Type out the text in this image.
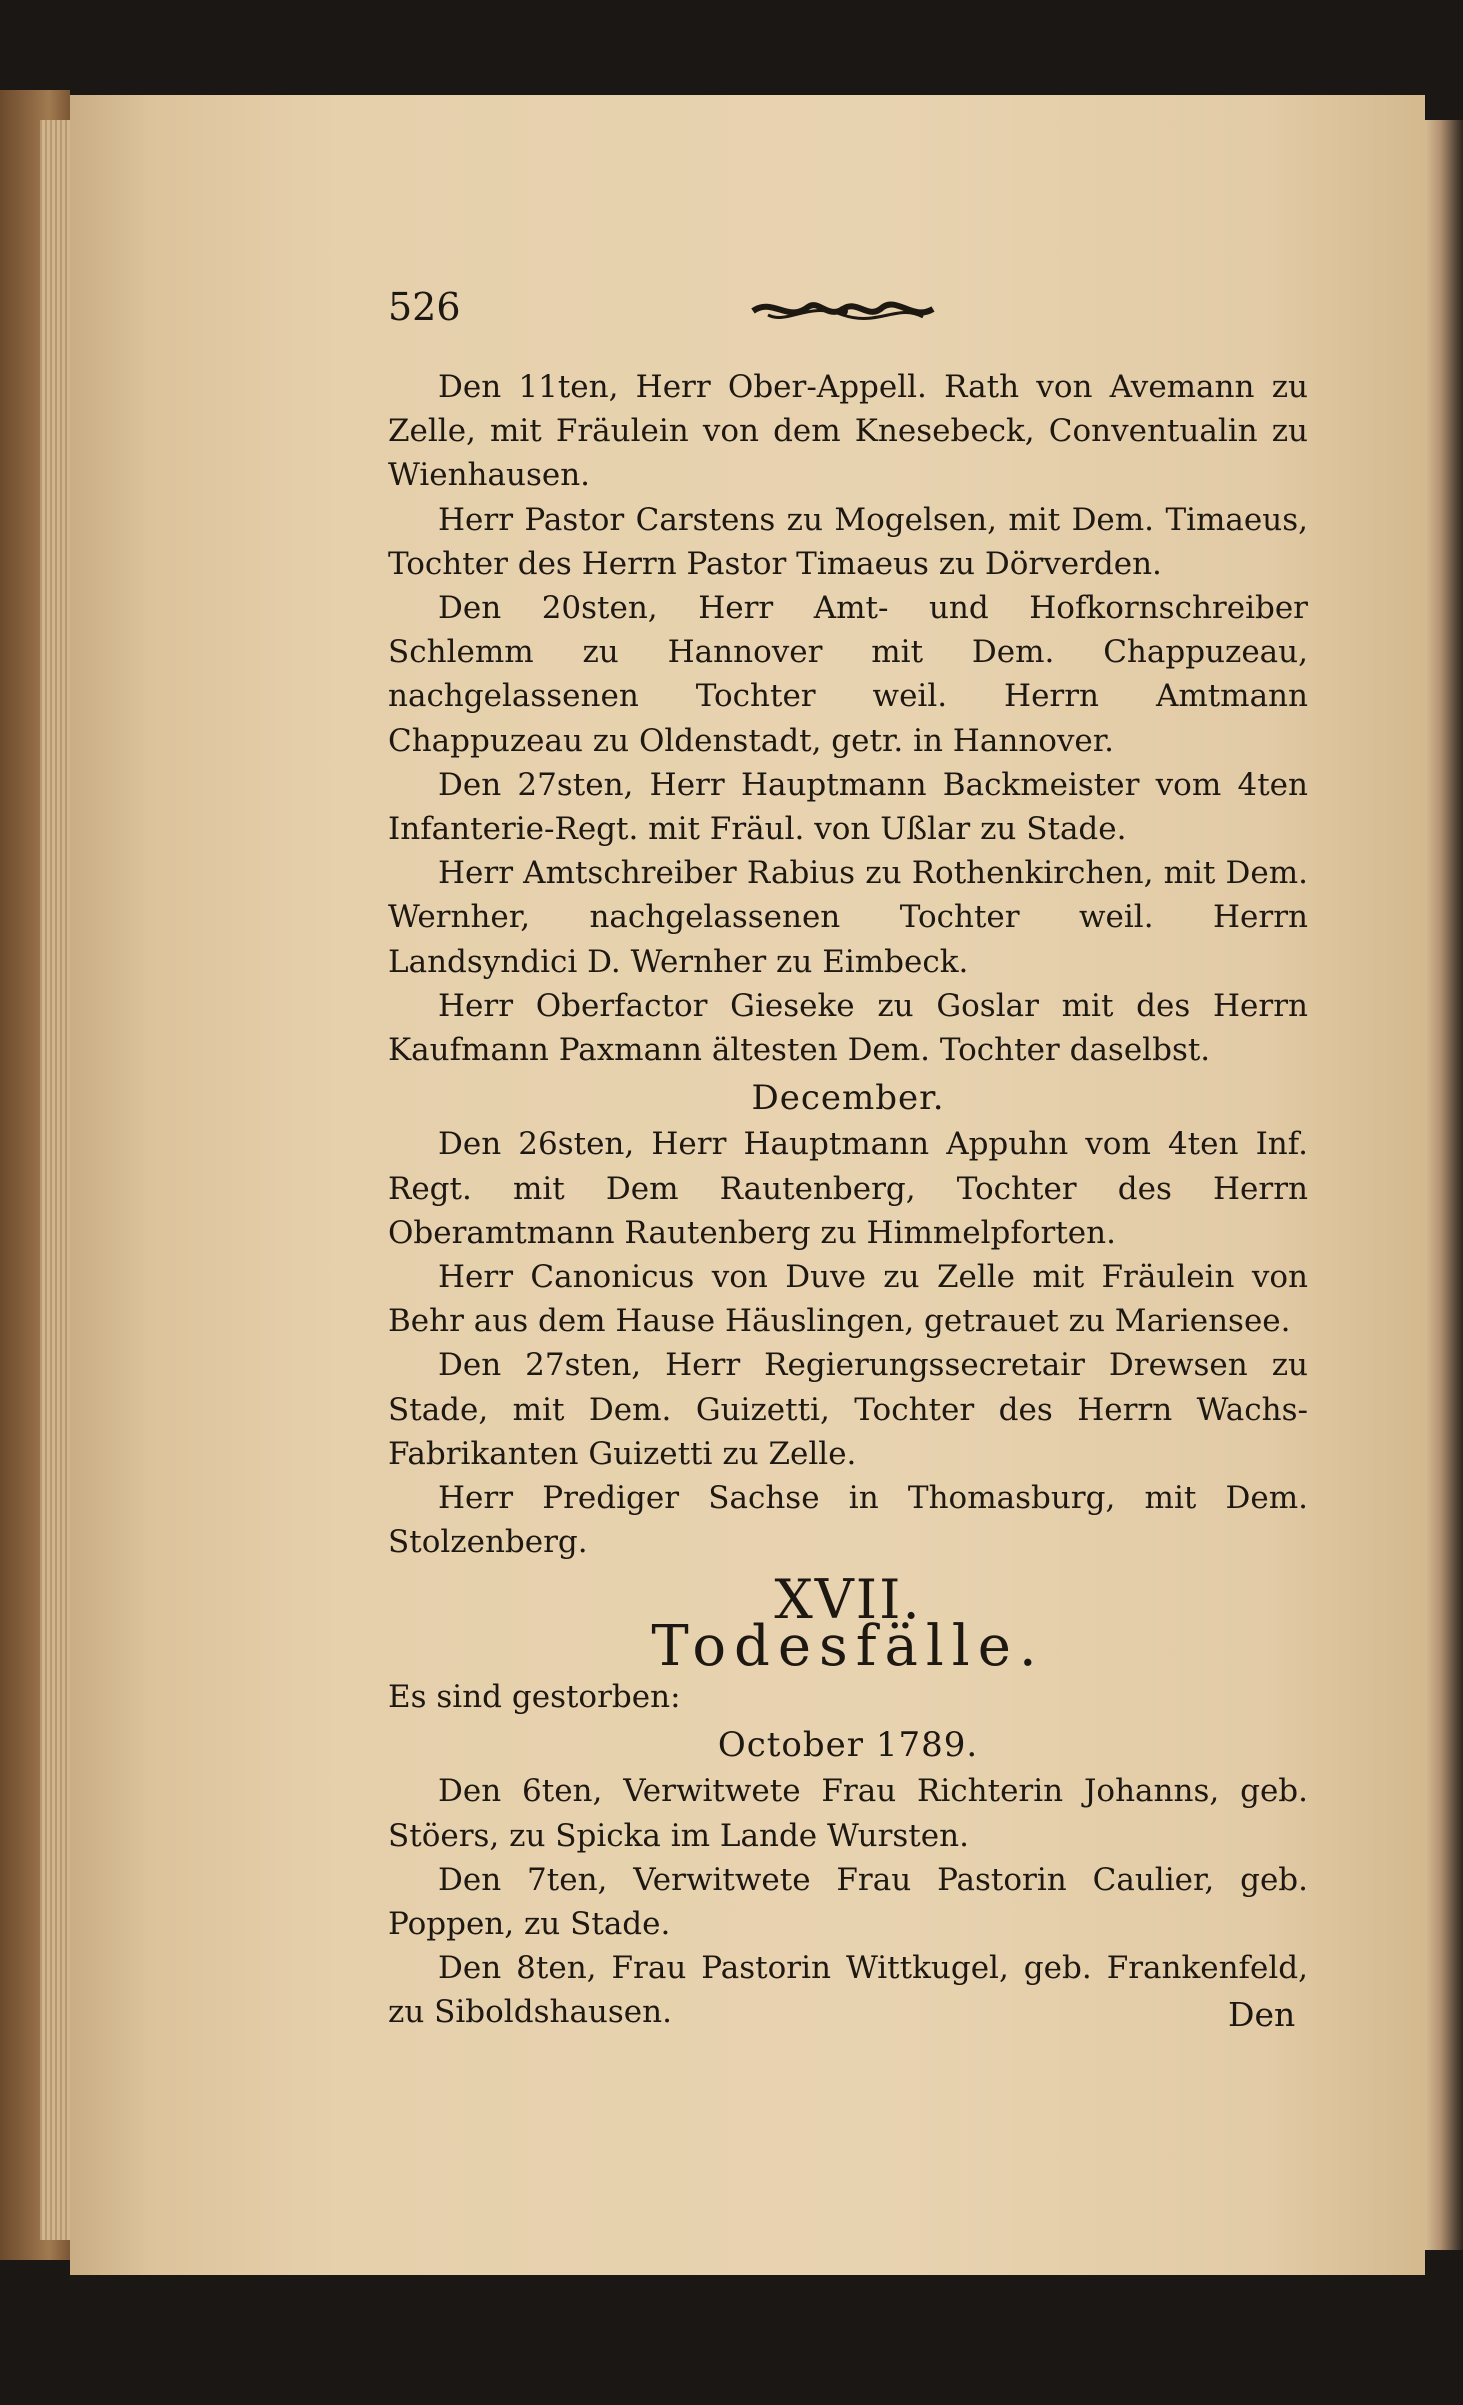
526

Den 11ten, Herr Ober-Appell. Rath von Avemann zu Zelle, mit Fräulein von dem Knesebeck, Conventualin zu Wienhausen.

Herr Pastor Carstens zu Mogelsen, mit Dem. Timaeus, Tochter des Herrn Pastor Timaeus zu Dörverden.

Den 20sten, Herr Amt- und Hofkornschreiber Schlemm zu Hannover mit Dem. Chappuzeau, nachgelassenen Tochter weil. Herrn Amtmann Chappuzeau zu Oldenstadt, getr. in Hannover.

Den 27sten, Herr Hauptmann Backmeister vom 4ten Infanterie-Regt. mit Fräul. von Ußlar zu Stade.

Herr Amtschreiber Rabius zu Rothenkirchen, mit Dem. Wernher, nachgelassenen Tochter weil. Herrn Landsyndici D. Wernher zu Eimbeck.

Herr Oberfactor Gieseke zu Goslar mit des Herrn Kaufmann Paxmann ältesten Dem. Tochter daselbst.

December.

Den 26sten, Herr Hauptmann Appuhn vom 4ten Inf. Regt. mit Dem Rautenberg, Tochter des Herrn Oberamtmann Rautenberg zu Himmelpforten.

Herr Canonicus von Duve zu Zelle mit Fräulein von Behr aus dem Hause Häuslingen, getrauet zu Mariensee.

Den 27sten, Herr Regierungssecretair Drewsen zu Stade, mit Dem. Guizetti, Tochter des Herrn Wachs-Fabrikanten Guizetti zu Zelle.

Herr Prediger Sachse in Thomasburg, mit Dem. Stolzenberg.

XVII.
Todesfälle.

Es sind gestorben:

October 1789.

Den 6ten, Verwitwete Frau Richterin Johanns, geb. Stöers, zu Spicka im Lande Wursten.

Den 7ten, Verwitwete Frau Pastorin Caulier, geb. Poppen, zu Stade.

Den 8ten, Frau Pastorin Wittkugel, geb. Frankenfeld, zu Siboldshausen.	Den
